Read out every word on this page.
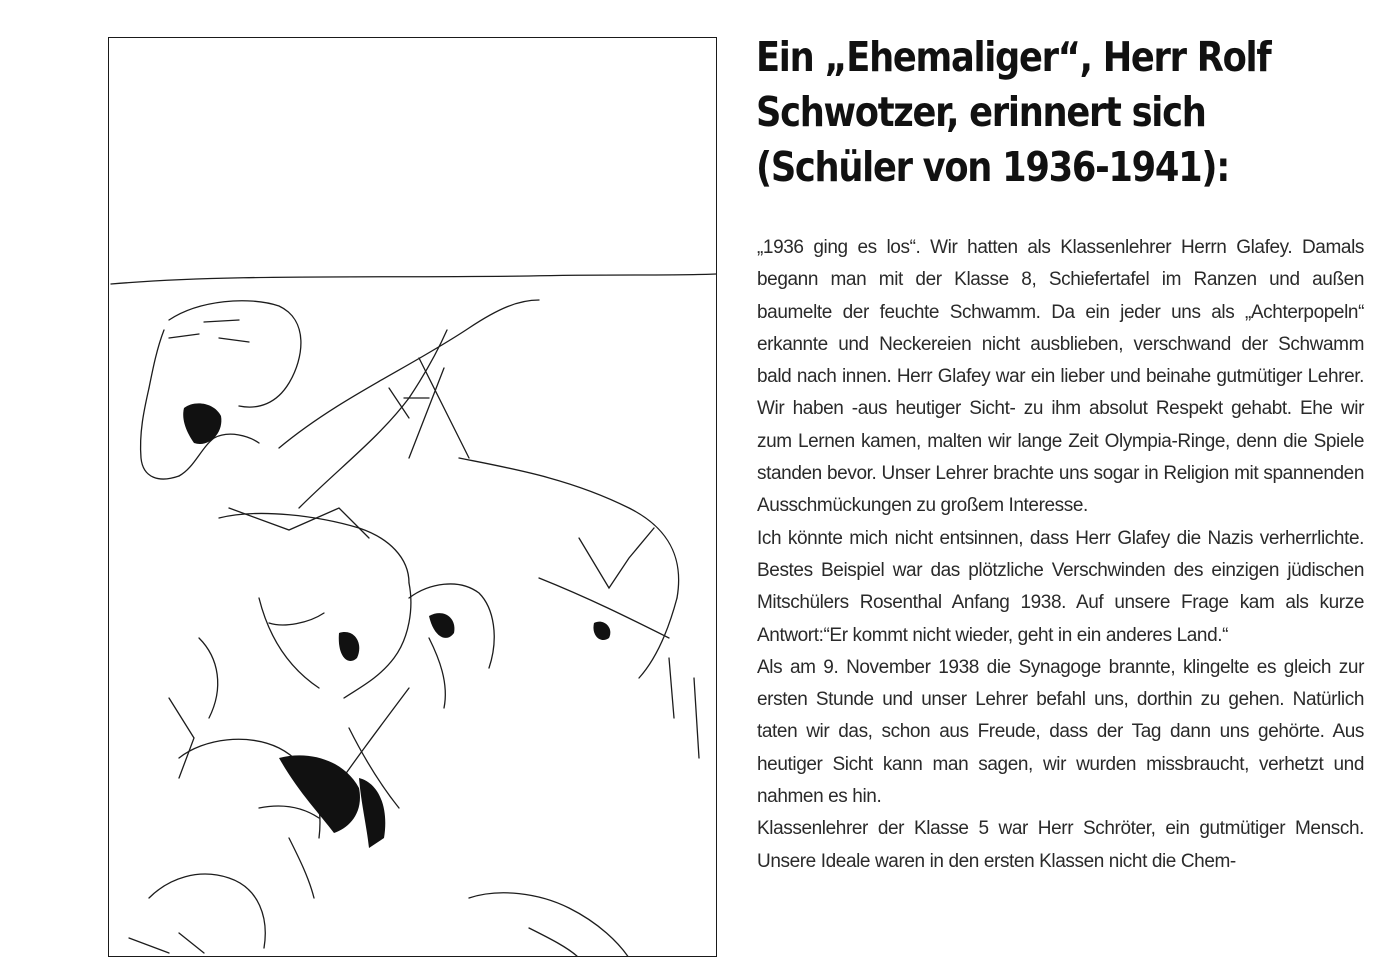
Ein „Ehemaliger“, Herr Rolf
Schwotzer, erinnert sich
(Schüler von 1936-1941):

„1936 ging es los“. Wir hatten als Klassenlehrer Herrn Glafey. Damals begann man mit der Klasse 8, Schiefertafel im Ranzen und außen baumelte der feuchte Schwamm. Da ein jeder uns als „Achterpopeln“ erkannte und Neckereien nicht ausblieben, verschwand der Schwamm bald nach innen. Herr Glafey war ein lieber und beinahe gutmütiger Lehrer. Wir haben -aus heutiger Sicht- zu ihm absolut Respekt gehabt. Ehe wir zum Lernen kamen, malten wir lange Zeit Olympia-Ringe, denn die Spiele standen bevor. Unser Lehrer brachte uns sogar in Religion mit spannenden Ausschmückungen zu großem Interesse.

Ich könnte mich nicht entsinnen, dass Herr Glafey die Nazis verherrlichte. Bestes Beispiel war das plötzliche Verschwinden des einzigen jüdischen Mitschülers Rosenthal Anfang 1938. Auf unsere Frage kam als kurze Antwort:“Er kommt nicht wieder, geht in ein anderes Land.“

Als am 9. November 1938 die Synagoge brannte, klingelte es gleich zur ersten Stunde und unser Lehrer befahl uns, dorthin zu gehen. Natürlich taten wir das, schon aus Freude, dass der Tag dann uns gehörte. Aus heutiger Sicht kann man sagen, wir wurden missbraucht, verhetzt und nahmen es hin.

Klassenlehrer der Klasse 5 war Herr Schröter, ein gutmütiger Mensch. Unsere Ideale waren in den ersten Klassen nicht die Chem-
